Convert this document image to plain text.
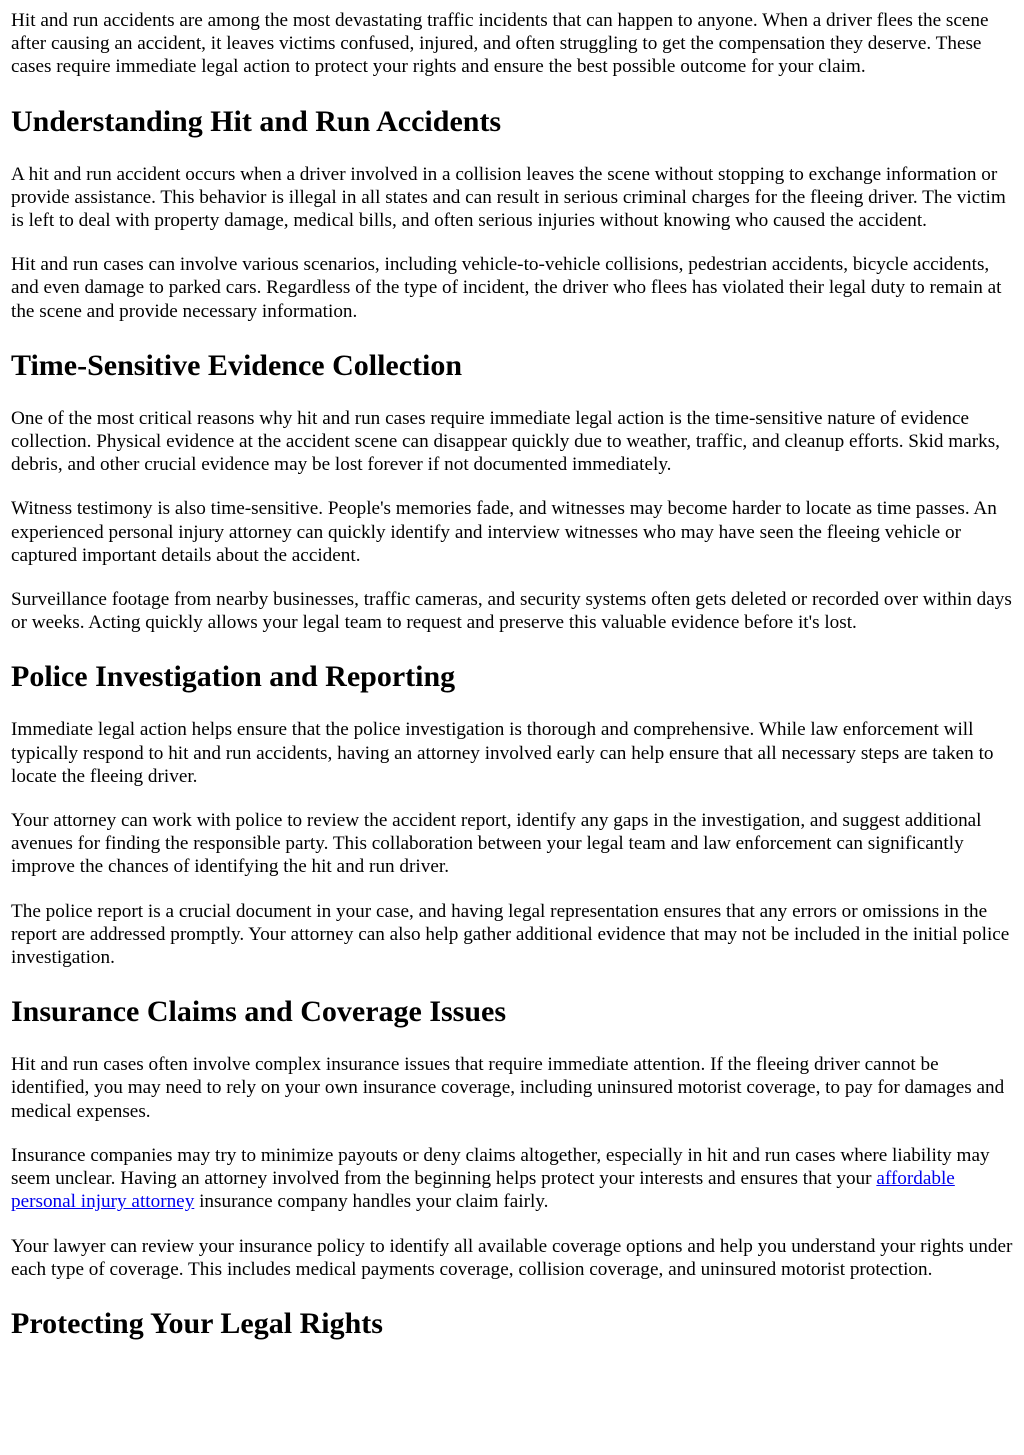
Hit and run accidents are among the most devastating traffic incidents that can happen to anyone. When a driver flees the scene after causing an accident, it leaves victims confused, injured, and often struggling to get the compensation they deserve. These cases require immediate legal action to protect your rights and ensure the best possible outcome for your claim.

Understanding Hit and Run Accidents

A hit and run accident occurs when a driver involved in a collision leaves the scene without stopping to exchange information or provide assistance. This behavior is illegal in all states and can result in serious criminal charges for the fleeing driver. The victim is left to deal with property damage, medical bills, and often serious injuries without knowing who caused the accident.

Hit and run cases can involve various scenarios, including vehicle-to-vehicle collisions, pedestrian accidents, bicycle accidents, and even damage to parked cars. Regardless of the type of incident, the driver who flees has violated their legal duty to remain at the scene and provide necessary information.

Time-Sensitive Evidence Collection

One of the most critical reasons why hit and run cases require immediate legal action is the time-sensitive nature of evidence collection. Physical evidence at the accident scene can disappear quickly due to weather, traffic, and cleanup efforts. Skid marks, debris, and other crucial evidence may be lost forever if not documented immediately.

Witness testimony is also time-sensitive. People's memories fade, and witnesses may become harder to locate as time passes. An experienced personal injury attorney can quickly identify and interview witnesses who may have seen the fleeing vehicle or captured important details about the accident.

Surveillance footage from nearby businesses, traffic cameras, and security systems often gets deleted or recorded over within days or weeks. Acting quickly allows your legal team to request and preserve this valuable evidence before it's lost.

Police Investigation and Reporting

Immediate legal action helps ensure that the police investigation is thorough and comprehensive. While law enforcement will typically respond to hit and run accidents, having an attorney involved early can help ensure that all necessary steps are taken to locate the fleeing driver.

Your attorney can work with police to review the accident report, identify any gaps in the investigation, and suggest additional avenues for finding the responsible party. This collaboration between your legal team and law enforcement can significantly improve the chances of identifying the hit and run driver.

The police report is a crucial document in your case, and having legal representation ensures that any errors or omissions in the report are addressed promptly. Your attorney can also help gather additional evidence that may not be included in the initial police investigation.

Insurance Claims and Coverage Issues

Hit and run cases often involve complex insurance issues that require immediate attention. If the fleeing driver cannot be identified, you may need to rely on your own insurance coverage, including uninsured motorist coverage, to pay for damages and medical expenses.

Insurance companies may try to minimize payouts or deny claims altogether, especially in hit and run cases where liability may seem unclear. Having an attorney involved from the beginning helps protect your interests and ensures that your affordable personal injury attorney insurance company handles your claim fairly.

Your lawyer can review your insurance policy to identify all available coverage options and help you understand your rights under each type of coverage. This includes medical payments coverage, collision coverage, and uninsured motorist protection.

Protecting Your Legal Rights
